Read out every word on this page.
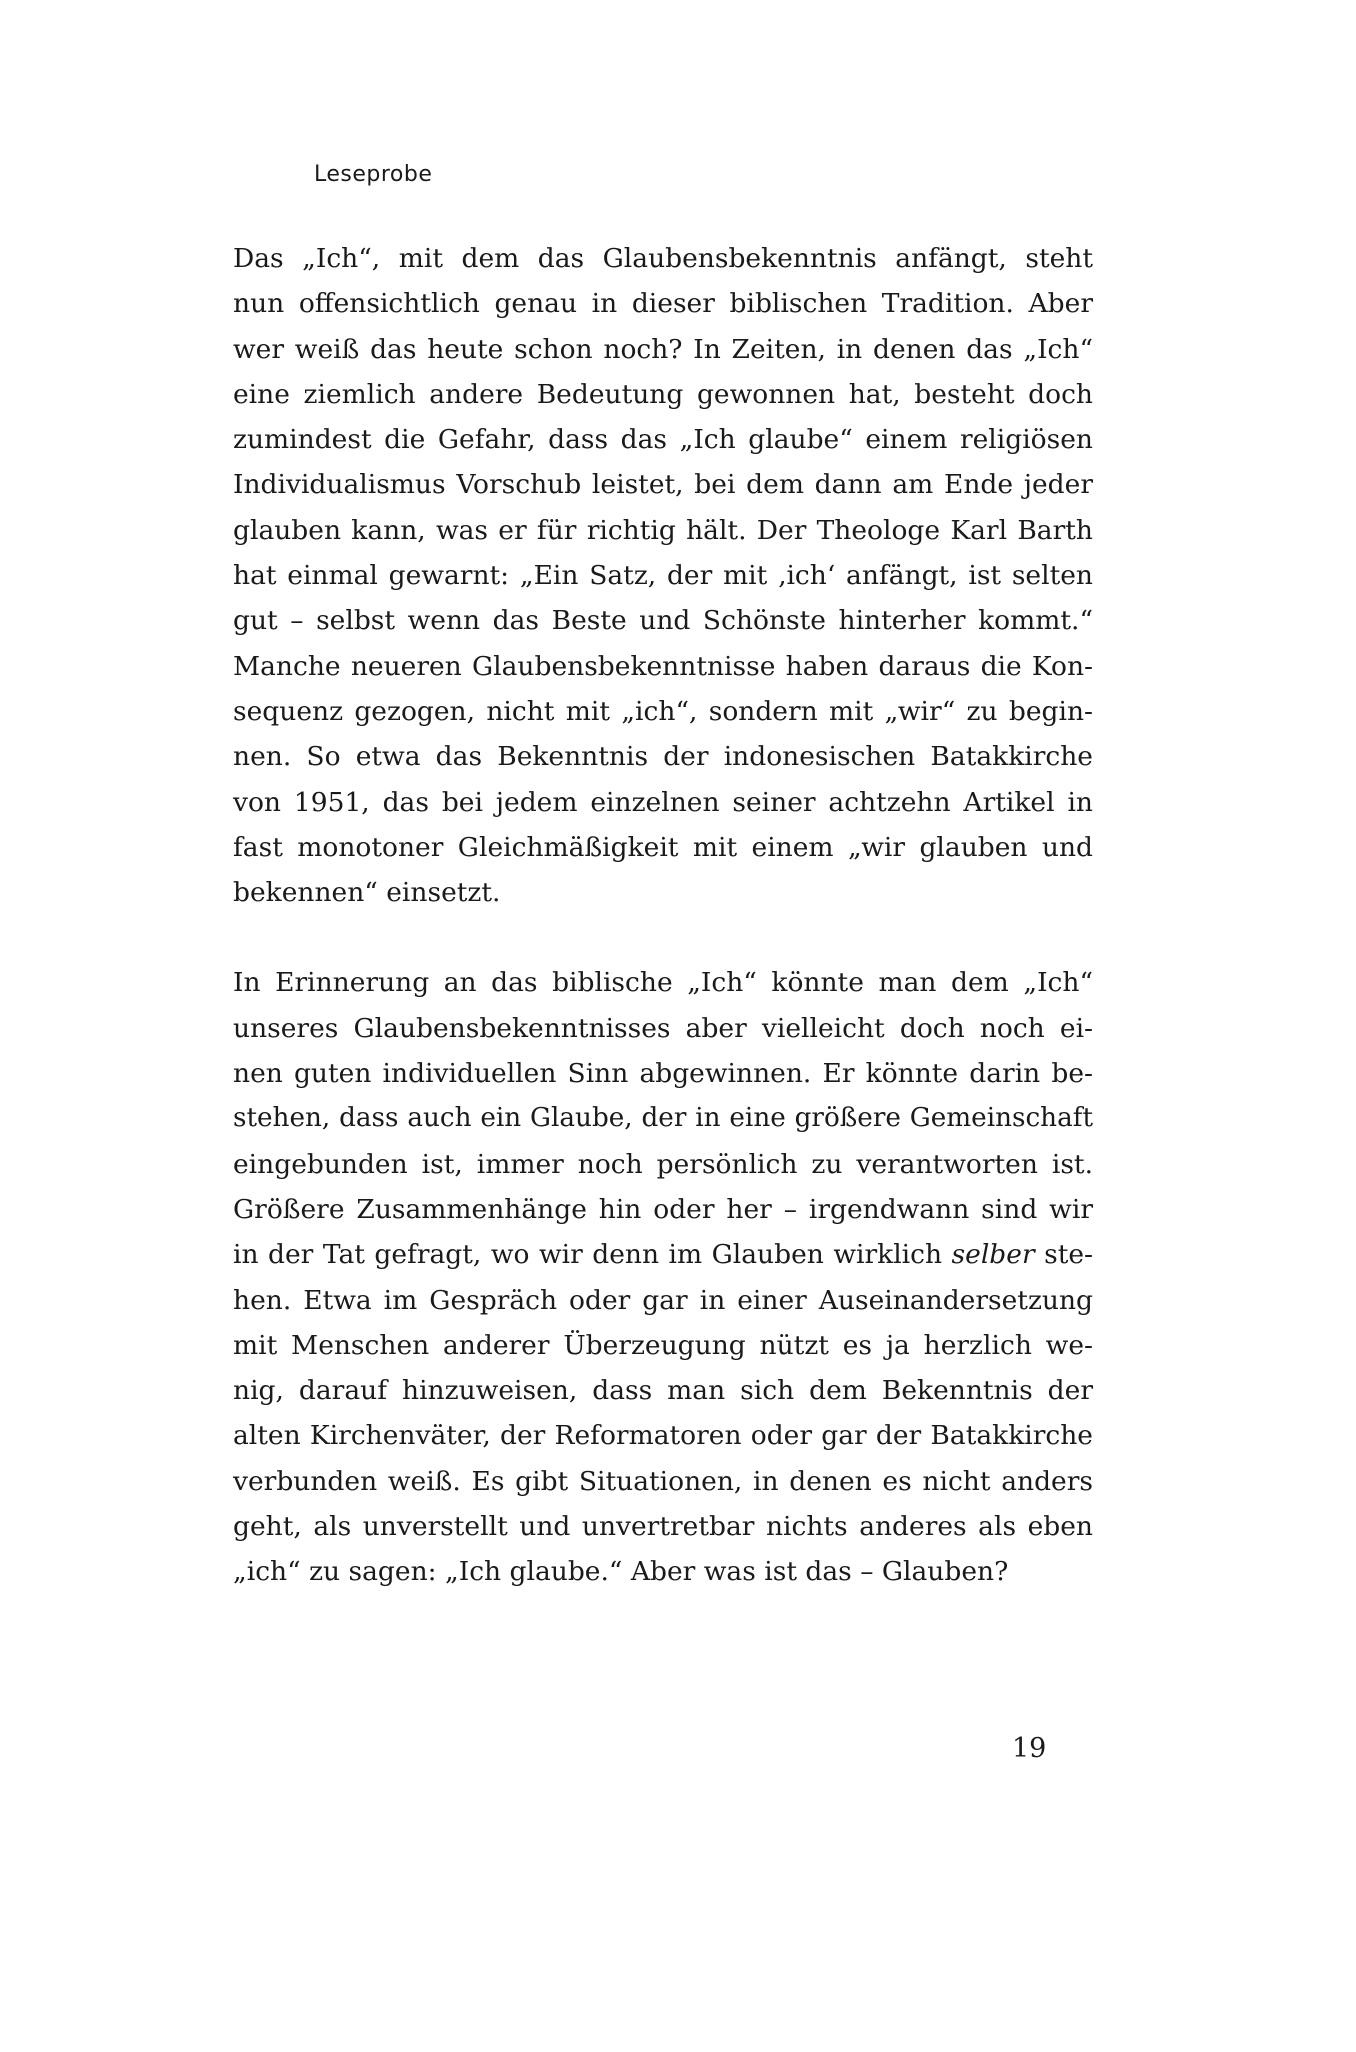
Leseprobe

Das „Ich“, mit dem das Glaubensbekenntnis anfängt, steht
nun offensichtlich genau in dieser biblischen Tradition. Aber
wer weiß das heute schon noch? In Zeiten, in denen das „Ich“
eine ziemlich andere Bedeutung gewonnen hat, besteht doch
zumindest die Gefahr, dass das „Ich glaube“ einem religiösen
Individualismus Vorschub leistet, bei dem dann am Ende jeder
glauben kann, was er für richtig hält. Der Theologe Karl Barth
hat einmal gewarnt: „Ein Satz, der mit ‚ich‘ anfängt, ist selten
gut – selbst wenn das Beste und Schönste hinterher kommt.“
Manche neueren Glaubensbekenntnisse haben daraus die Kon-
sequenz gezogen, nicht mit „ich“, sondern mit „wir“ zu begin-
nen. So etwa das Bekenntnis der indonesischen Batakkirche
von 1951, das bei jedem einzelnen seiner achtzehn Artikel in
fast monotoner Gleichmäßigkeit mit einem „wir glauben und
bekennen“ einsetzt.

In Erinnerung an das biblische „Ich“ könnte man dem „Ich“
unseres Glaubensbekenntnisses aber vielleicht doch noch ei-
nen guten individuellen Sinn abgewinnen. Er könnte darin be-
stehen, dass auch ein Glaube, der in eine größere Gemeinschaft
eingebunden ist, immer noch persönlich zu verantworten ist.
Größere Zusammenhänge hin oder her – irgendwann sind wir
in der Tat gefragt, wo wir denn im Glauben wirklich selber ste-
hen. Etwa im Gespräch oder gar in einer Auseinandersetzung
mit Menschen anderer Überzeugung nützt es ja herzlich we-
nig, darauf hinzuweisen, dass man sich dem Bekenntnis der
alten Kirchenväter, der Reformatoren oder gar der Batakkirche
verbunden weiß. Es gibt Situationen, in denen es nicht anders
geht, als unverstellt und unvertretbar nichts anderes als eben
„ich“ zu sagen: „Ich glaube.“ Aber was ist das – Glauben?

19
